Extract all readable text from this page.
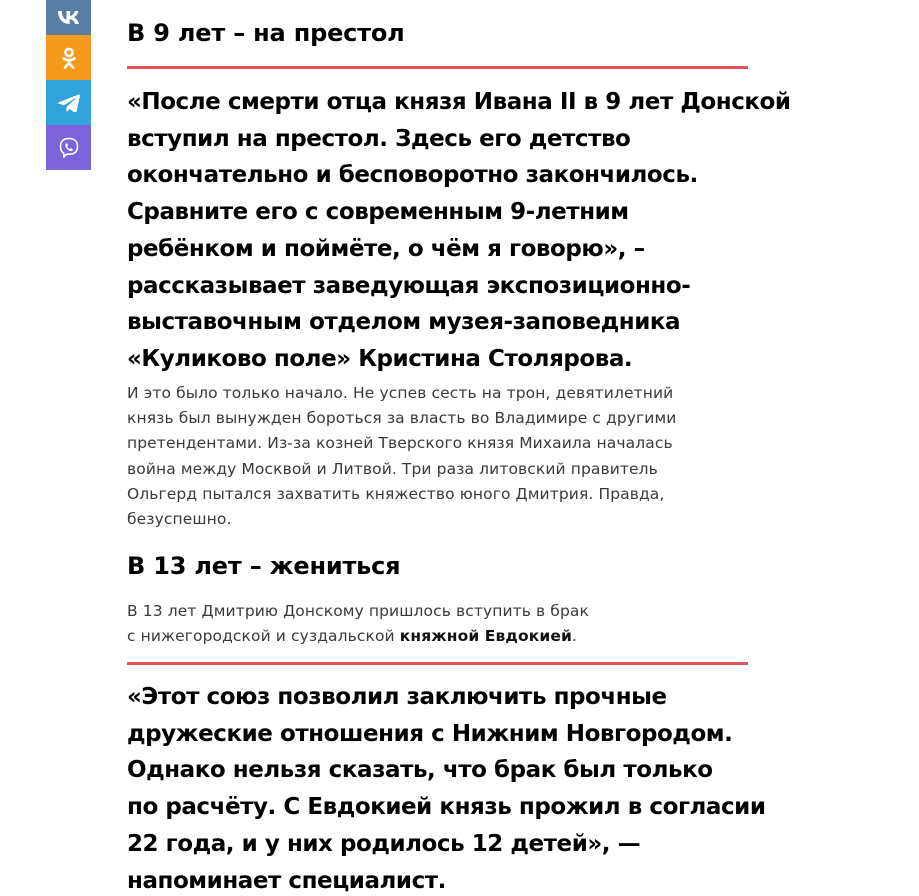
В 9 лет – на престол
«После смерти отца князя Ивана II в 9 лет Донской
вступил на престол. Здесь его детство
окончательно и бесповоротно закончилось.
Сравните его с современным 9-летним
ребёнком и поймёте, о чём я говорю», –
рассказывает заведующая экспозиционно-
выставочным отделом музея-заповедника
«Куликово поле» Кристина Столярова.

И это было только начало. Не успев сесть на трон, девятилетний
князь был вынужден бороться за власть во Владимире с другими
претендентами. Из-за козней Тверского князя Михаила началась
война между Москвой и Литвой. Три раза литовский правитель
Ольгерд пытался захватить княжество юного Дмитрия. Правда,
безуспешно.

В 13 лет – жениться

В 13 лет Дмитрию Донскому пришлось вступить в брак
с нижегородской и суздальской княжной Евдокией.

«Этот союз позволил заключить прочные
дружеские отношения с Нижним Новгородом.
Однако нельзя сказать, что брак был только
по расчёту. С Евдокией князь прожил в согласии
22 года, и у них родилось 12 детей», —
напоминает специалист.
